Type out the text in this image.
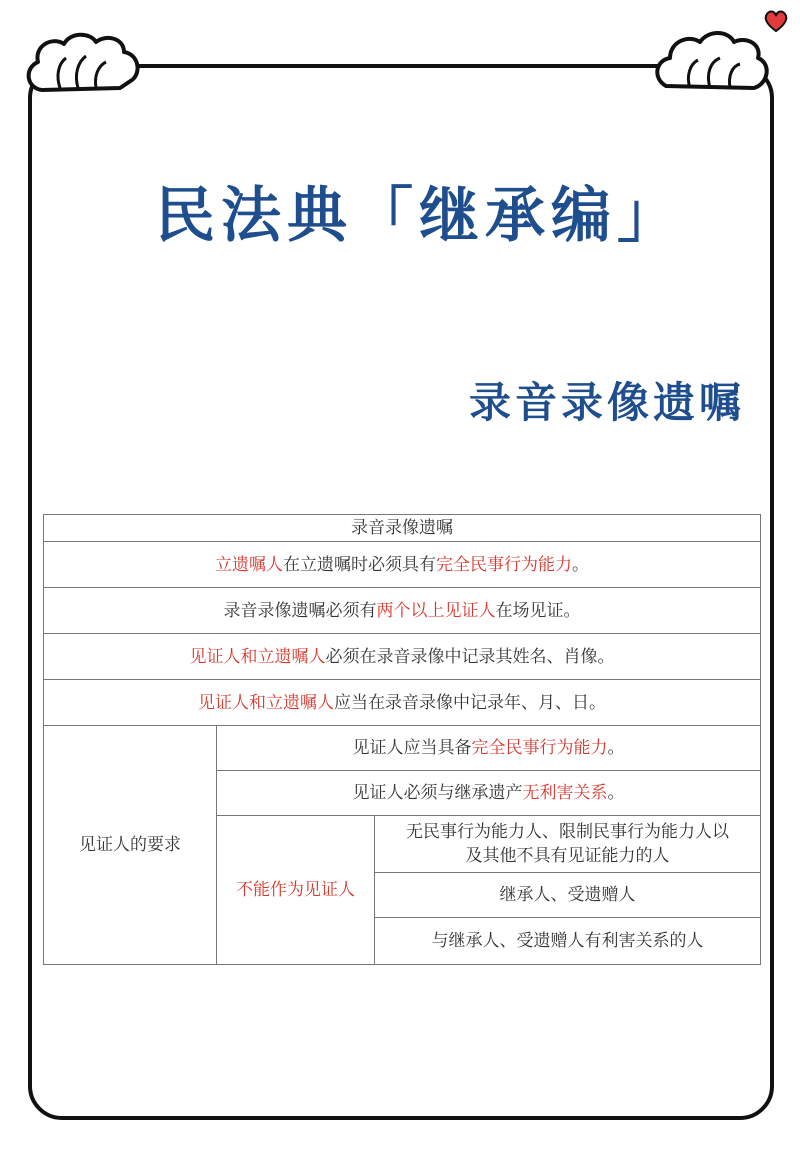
民法典「继承编」
录音录像遗嘱
录音录像遗嘱		
立遗嘱人在立遗嘱时必须具有完全民事行为能力。		
录音录像遗嘱必须有两个以上见证人在场见证。		
见证人和立遗嘱人必须在录音录像中记录其姓名、肖像。		
见证人和立遗嘱人应当在录音录像中记录年、月、日。		
见证人的要求	见证人应当具备完全民事行为能力。	
	见证人必须与继承遗产无利害关系。	
	不能作为见证人	无民事行为能力人、限制民事行为能力人以及其他不具有见证能力的人
		继承人、受遗赠人
		与继承人、受遗赠人有利害关系的人
